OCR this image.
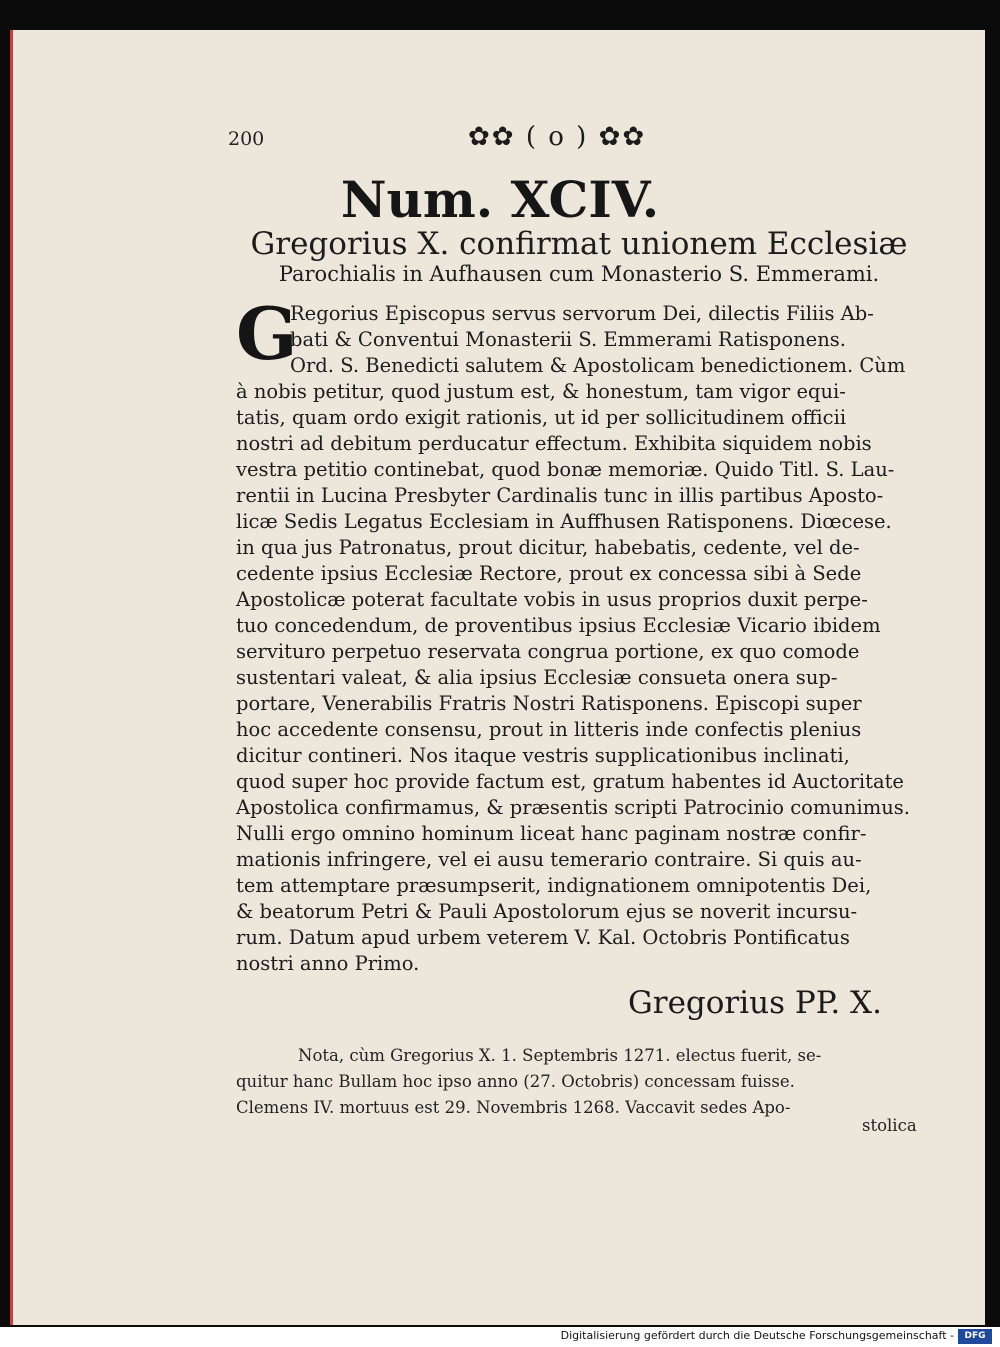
200	✿✿ ( o ) ✿✿
Num. XCIV.
Gregorius X. confirmat unionem Ecclesiæ
Parochialis in Aufhausen cum Monasterio S. Emmerami.
G
Regorius Episcopus servus servorum Dei, dilectis Filiis Ab-
bati & Conventui Monasterii S. Emmerami Ratisponens.
Ord. S. Benedicti salutem & Apostolicam benedictionem. Cùm
à nobis petitur, quod justum est, & honestum, tam vigor equi-
tatis, quam ordo exigit rationis, ut id per sollicitudinem officii
nostri ad debitum perducatur effectum. Exhibita siquidem nobis
vestra petitio continebat, quod bonæ memoriæ. Quido Titl. S. Lau-
rentii in Lucina Presbyter Cardinalis tunc in illis partibus Aposto-
licæ Sedis Legatus Ecclesiam in Auffhusen Ratisponens. Diœcese.
in qua jus Patronatus, prout dicitur, habebatis, cedente, vel de-
cedente ipsius Ecclesiæ Rectore, prout ex concessa sibi à Sede
Apostolicæ poterat facultate vobis in usus proprios duxit perpe-
tuo concedendum, de proventibus ipsius Ecclesiæ Vicario ibidem
servituro perpetuo reservata congrua portione, ex quo comode
sustentari valeat, & alia ipsius Ecclesiæ consueta onera sup-
portare, Venerabilis Fratris Nostri Ratisponens. Episcopi super
hoc accedente consensu, prout in litteris inde confectis plenius
dicitur contineri. Nos itaque vestris supplicationibus inclinati,
quod super hoc provide factum est, gratum habentes id Auctoritate
Apostolica confirmamus, & præsentis scripti Patrocinio comunimus.
Nulli ergo omnino hominum liceat hanc paginam nostræ confir-
mationis infringere, vel ei ausu temerario contraire. Si quis au-
tem attemptare præsumpserit, indignationem omnipotentis Dei,
& beatorum Petri & Pauli Apostolorum ejus se noverit incursu-
rum. Datum apud urbem veterem V. Kal. Octobris Pontificatus
nostri anno Primo.
Gregorius PP. X.
Nota, cùm Gregorius X. 1. Septembris 1271. electus fuerit, se-
quitur hanc Bullam hoc ipso anno (27. Octobris) concessam fuisse.
Clemens IV. mortuus est 29. Novembris 1268. Vaccavit sedes Apo-
stolica
Digitalisierung gefördert durch die Deutsche Forschungsgemeinschaft -	DFG
